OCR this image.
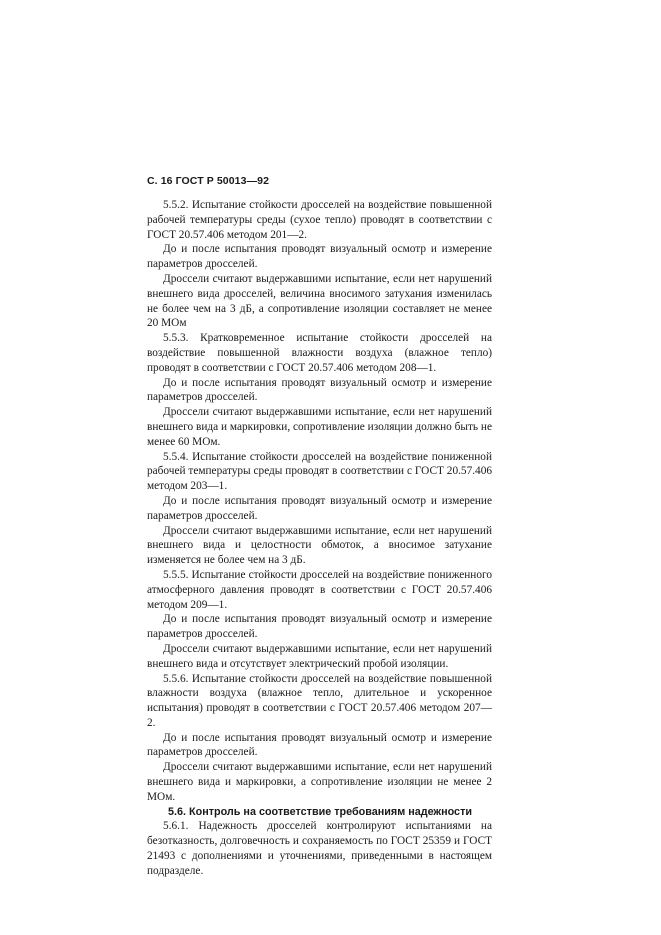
С. 16 ГОСТ Р 50013—92

5.5.2. Испытание стойкости дросселей на воздействие повышенной рабочей температуры среды (сухое тепло) проводят в соответствии с ГОСТ 20.57.406 методом 201—2.

До и после испытания проводят визуальный осмотр и измерение параметров дросселей.

Дроссели считают выдержавшими испытание, если нет нарушений внешнего вида дросселей, величина вносимого затухания изменилась не более чем на 3 дБ, а сопротивление изоляции составляет не менее 20 МОм

5.5.3. Кратковременное испытание стойкости дросселей на воздействие повышенной влажности воздуха (влажное тепло) проводят в соответствии с ГОСТ 20.57.406 методом 208—1.

До и после испытания проводят визуальный осмотр и измерение параметров дросселей.

Дроссели считают выдержавшими испытание, если нет нарушений внешнего вида и маркировки, сопротивление изоляции должно быть не менее 60 МОм.

5.5.4. Испытание стойкости дросселей на воздействие пониженной рабочей температуры среды проводят в соответствии с ГОСТ 20.57.406 методом 203—1.

До и после испытания проводят визуальный осмотр и измерение параметров дросселей.

Дроссели считают выдержавшими испытание, если нет нарушений внешнего вида и целостности обмоток, а вносимое затухание изменяется не более чем на 3 дБ.

5.5.5. Испытание стойкости дросселей на воздействие пониженного атмосферного давления проводят в соответствии с ГОСТ 20.57.406 методом 209—1.

До и после испытания проводят визуальный осмотр и измерение параметров дросселей.

Дроссели считают выдержавшими испытание, если нет нарушений внешнего вида и отсутствует электрический пробой изоляции.

5.5.6. Испытание стойкости дросселей на воздействие повышенной влажности воздуха (влажное тепло, длительное и ускоренное испытания) проводят в соответствии с ГОСТ 20.57.406 методом 207—2.

До и после испытания проводят визуальный осмотр и измерение параметров дросселей.

Дроссели считают выдержавшими испытание, если нет нарушений внешнего вида и маркировки, а сопротивление изоляции не менее 2 МОм.

5.6. Контроль на соответствие требованиям надежности

5.6.1. Надежность дросселей контролируют испытаниями на безотказность, долговечность и сохраняемость по ГОСТ 25359 и ГОСТ 21493 с дополнениями и уточнениями, приведенными в настоящем подразделе.
